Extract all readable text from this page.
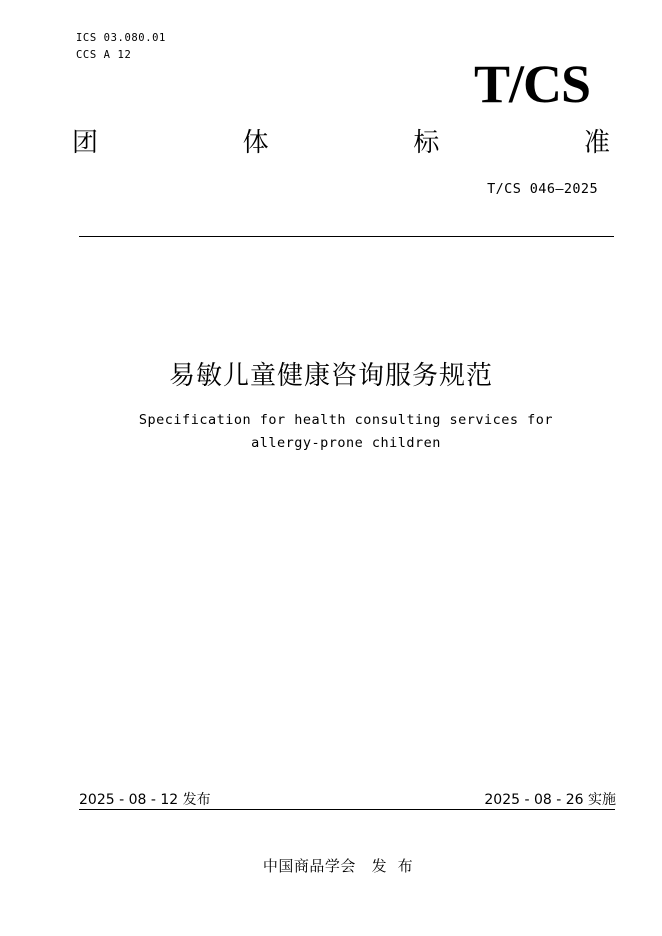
ICS 03.080.01
CCS A 12	T/CS
团	体	标	准
T/CS 046—2025
易敏儿童健康咨询服务规范
Specification for health consulting services for
allergy-prone children
2025 - 08 - 12 发布	2025 - 08 - 26 实施
中国商品学会   发  布
